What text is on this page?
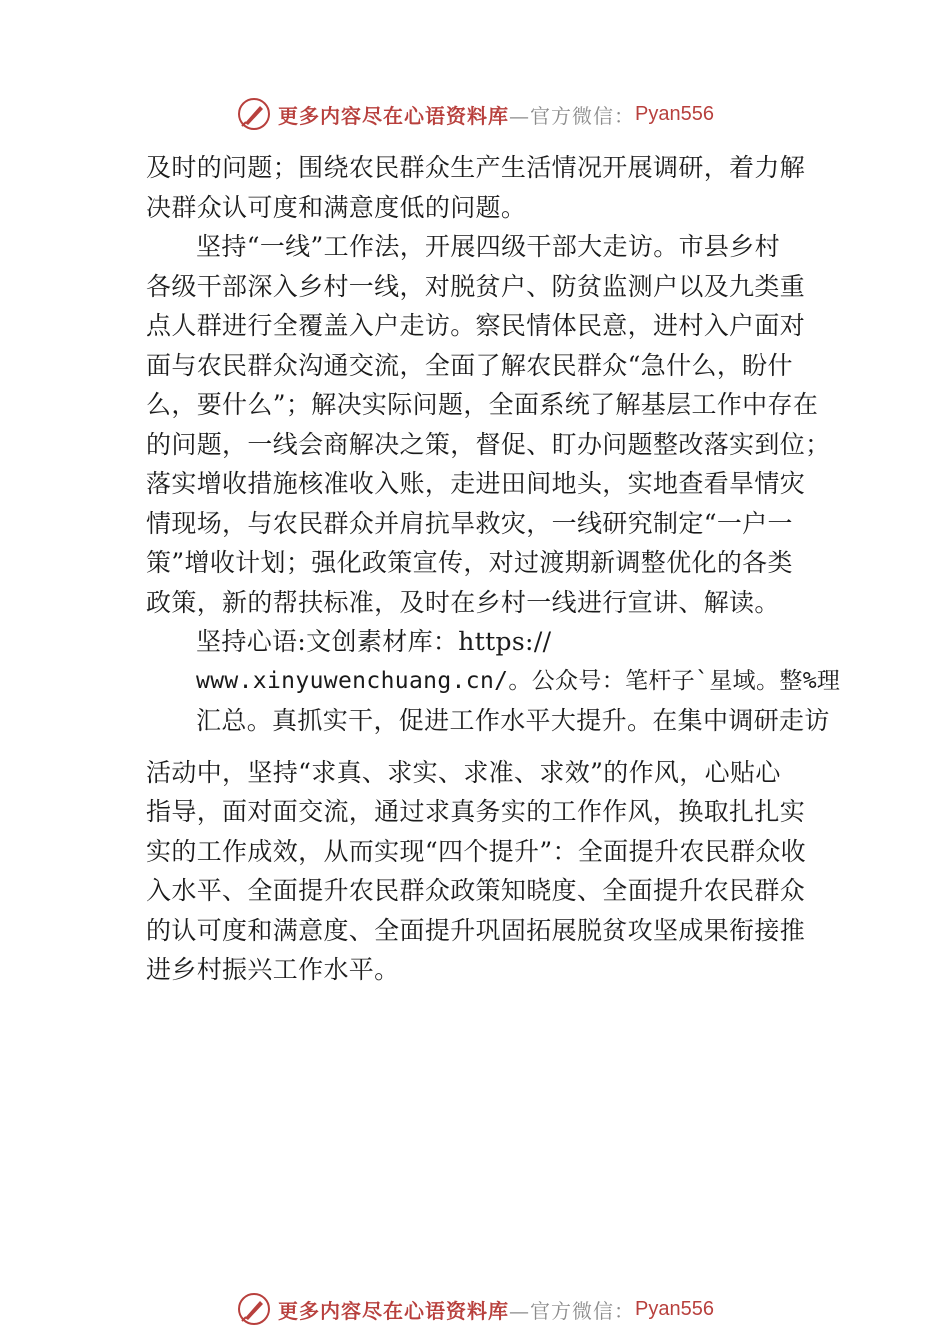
更多内容尽在心语资料库 —官方微信： Pyan556
及时的问题；围绕农民群众生产生活情况开展调研，着力解
决群众认可度和满意度低的问题。
坚持“一线”工作法，开展四级干部大走访。市县乡村
各级干部深入乡村一线，对脱贫户、防贫监测户以及九类重
点人群进行全覆盖入户走访。察民情体民意，进村入户面对
面与农民群众沟通交流，全面了解农民群众“急什么，盼什
么，要什么”；解决实际问题，全面系统了解基层工作中存在
的问题，一线会商解决之策，督促、盯办问题整改落实到位；
落实增收措施核准收入账，走进田间地头，实地查看旱情灾
情现场，与农民群众并肩抗旱救灾，一线研究制定“一户一
策”增收计划；强化政策宣传，对过渡期新调整优化的各类
政策，新的帮扶标准，及时在乡村一线进行宣讲、解读。
坚持心语:文创素材库：https://
www.xinyuwenchuang.cn/。公众号：笔杆子`星域。整%理
汇总。真抓实干，促进工作水平大提升。在集中调研走访
活动中，坚持“求真、求实、求准、求效”的作风，心贴心
指导，面对面交流，通过求真务实的工作作风，换取扎扎实
实的工作成效，从而实现“四个提升”：全面提升农民群众收
入水平、全面提升农民群众政策知晓度、全面提升农民群众
的认可度和满意度、全面提升巩固拓展脱贫攻坚成果衔接推
进乡村振兴工作水平。
更多内容尽在心语资料库 —官方微信： Pyan556
